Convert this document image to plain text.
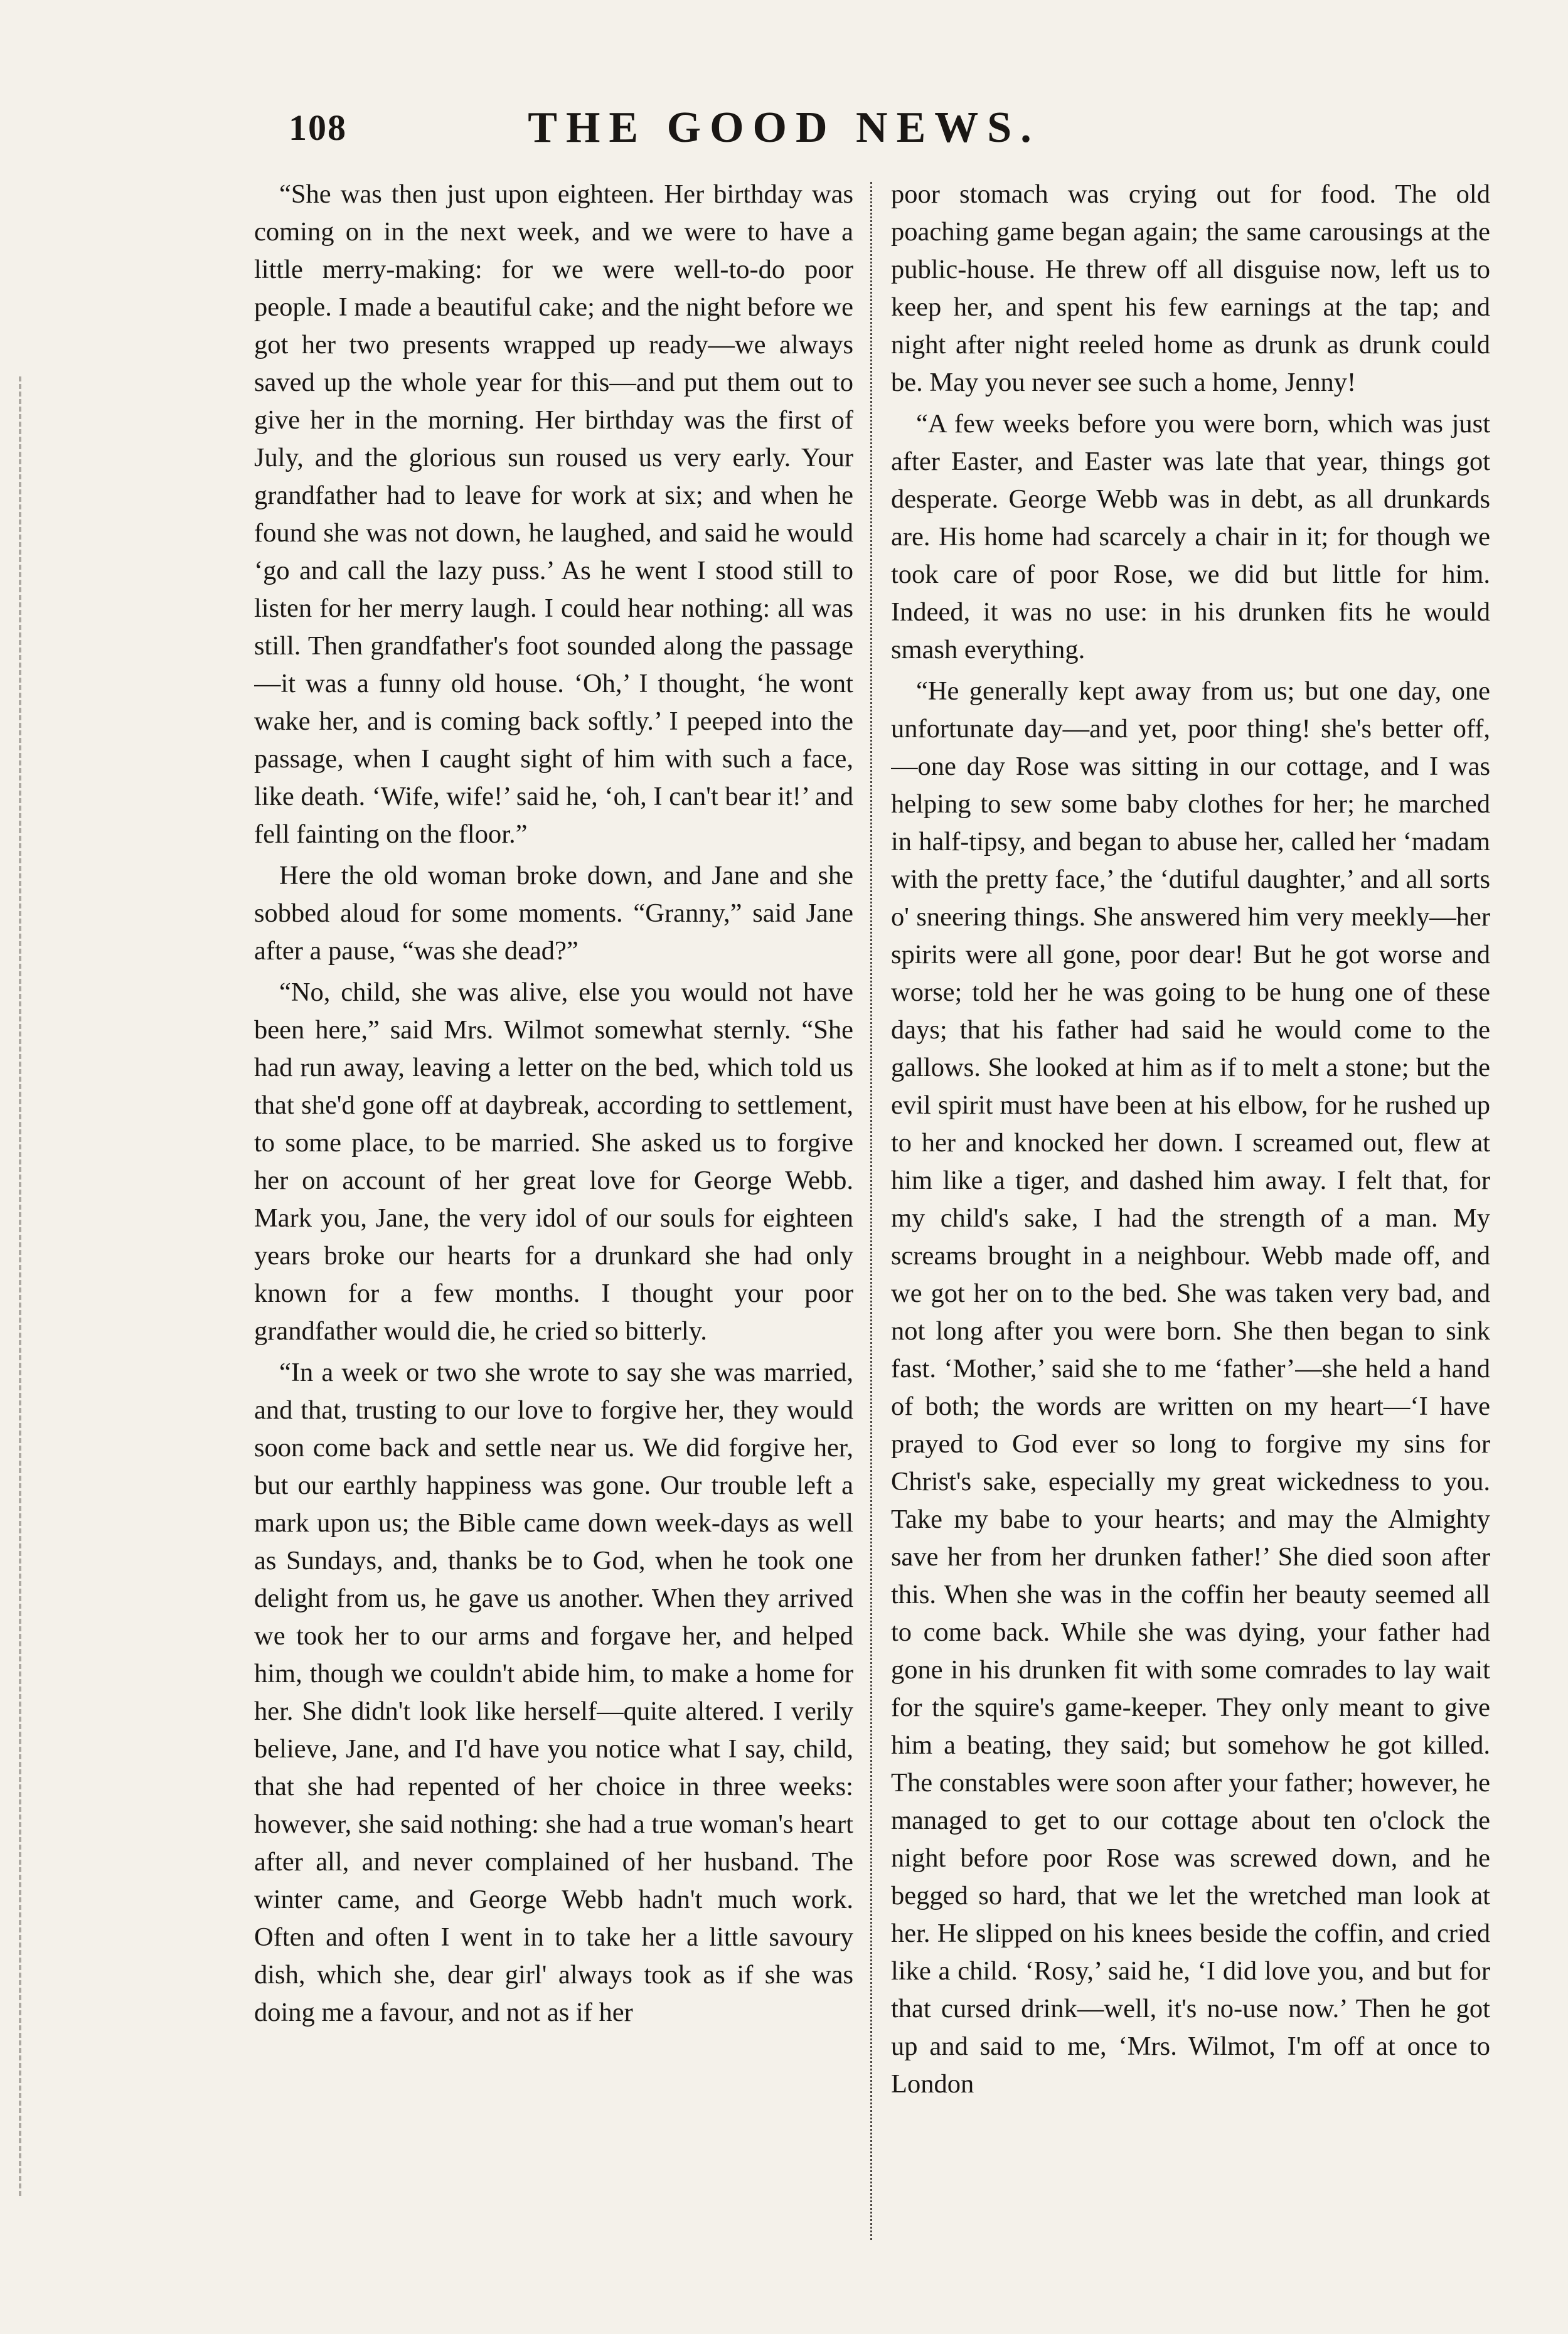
108	THE GOOD NEWS.

“She was then just upon eighteen. Her birthday was coming on in the next week, and we were to have a little merry-making: for we were well-to-do poor people. I made a beautiful cake; and the night before we got her two presents wrapped up ready—we always saved up the whole year for this—and put them out to give her in the morning. Her birthday was the first of July, and the glorious sun roused us very early. Your grandfather had to leave for work at six; and when he found she was not down, he laughed, and said he would ‘go and call the lazy puss.’ As he went I stood still to listen for her merry laugh. I could hear nothing: all was still. Then grandfather's foot sounded along the passage—it was a funny old house. ‘Oh,’ I thought, ‘he wont wake her, and is coming back softly.’ I peeped into the passage, when I caught sight of him with such a face, like death. ‘Wife, wife!’ said he, ‘oh, I can't bear it!’ and fell fainting on the floor.”

Here the old woman broke down, and Jane and she sobbed aloud for some moments. “Granny,” said Jane after a pause, “was she dead?”

“No, child, she was alive, else you would not have been here,” said Mrs. Wilmot somewhat sternly. “She had run away, leaving a letter on the bed, which told us that she'd gone off at daybreak, according to settlement, to some place, to be married. She asked us to forgive her on account of her great love for George Webb. Mark you, Jane, the very idol of our souls for eighteen years broke our hearts for a drunkard she had only known for a few months. I thought your poor grandfather would die, he cried so bitterly.

“In a week or two she wrote to say she was married, and that, trusting to our love to forgive her, they would soon come back and settle near us. We did forgive her, but our earthly happiness was gone. Our trouble left a mark upon us; the Bible came down week-days as well as Sundays, and, thanks be to God, when he took one delight from us, he gave us another. When they arrived we took her to our arms and forgave her, and helped him, though we couldn't abide him, to make a home for her. She didn't look like herself—quite altered. I verily believe, Jane, and I'd have you notice what I say, child, that she had repented of her choice in three weeks: however, she said nothing: she had a true woman's heart after all, and never complained of her husband. The winter came, and George Webb hadn't much work. Often and often I went in to take her a little savoury dish, which she, dear girl' always took as if she was doing me a favour, and not as if her

poor stomach was crying out for food. The old poaching game began again; the same carousings at the public-house. He threw off all disguise now, left us to keep her, and spent his few earnings at the tap; and night after night reeled home as drunk as drunk could be. May you never see such a home, Jenny!

“A few weeks before you were born, which was just after Easter, and Easter was late that year, things got desperate. George Webb was in debt, as all drunkards are. His home had scarcely a chair in it; for though we took care of poor Rose, we did but little for him. Indeed, it was no use: in his drunken fits he would smash everything.

“He generally kept away from us; but one day, one unfortunate day—and yet, poor thing! she's better off,—one day Rose was sitting in our cottage, and I was helping to sew some baby clothes for her; he marched in half-tipsy, and began to abuse her, called her ‘madam with the pretty face,’ the ‘dutiful daughter,’ and all sorts o' sneering things. She answered him very meekly—her spirits were all gone, poor dear! But he got worse and worse; told her he was going to be hung one of these days; that his father had said he would come to the gallows. She looked at him as if to melt a stone; but the evil spirit must have been at his elbow, for he rushed up to her and knocked her down. I screamed out, flew at him like a tiger, and dashed him away. I felt that, for my child's sake, I had the strength of a man. My screams brought in a neighbour. Webb made off, and we got her on to the bed. She was taken very bad, and not long after you were born. She then began to sink fast. ‘Mother,’ said she to me ‘father’—she held a hand of both; the words are written on my heart—‘I have prayed to God ever so long to forgive my sins for Christ's sake, especially my great wickedness to you. Take my babe to your hearts; and may the Almighty save her from her drunken father!’ She died soon after this. When she was in the coffin her beauty seemed all to come back. While she was dying, your father had gone in his drunken fit with some comrades to lay wait for the squire's game-keeper. They only meant to give him a beating, they said; but somehow he got killed. The constables were soon after your father; however, he managed to get to our cottage about ten o'clock the night before poor Rose was screwed down, and he begged so hard, that we let the wretched man look at her. He slipped on his knees beside the coffin, and cried like a child. ‘Rosy,’ said he, ‘I did love you, and but for that cursed drink—well, it's no-use now.’ Then he got up and said to me, ‘Mrs. Wilmot, I'm off at once to London
